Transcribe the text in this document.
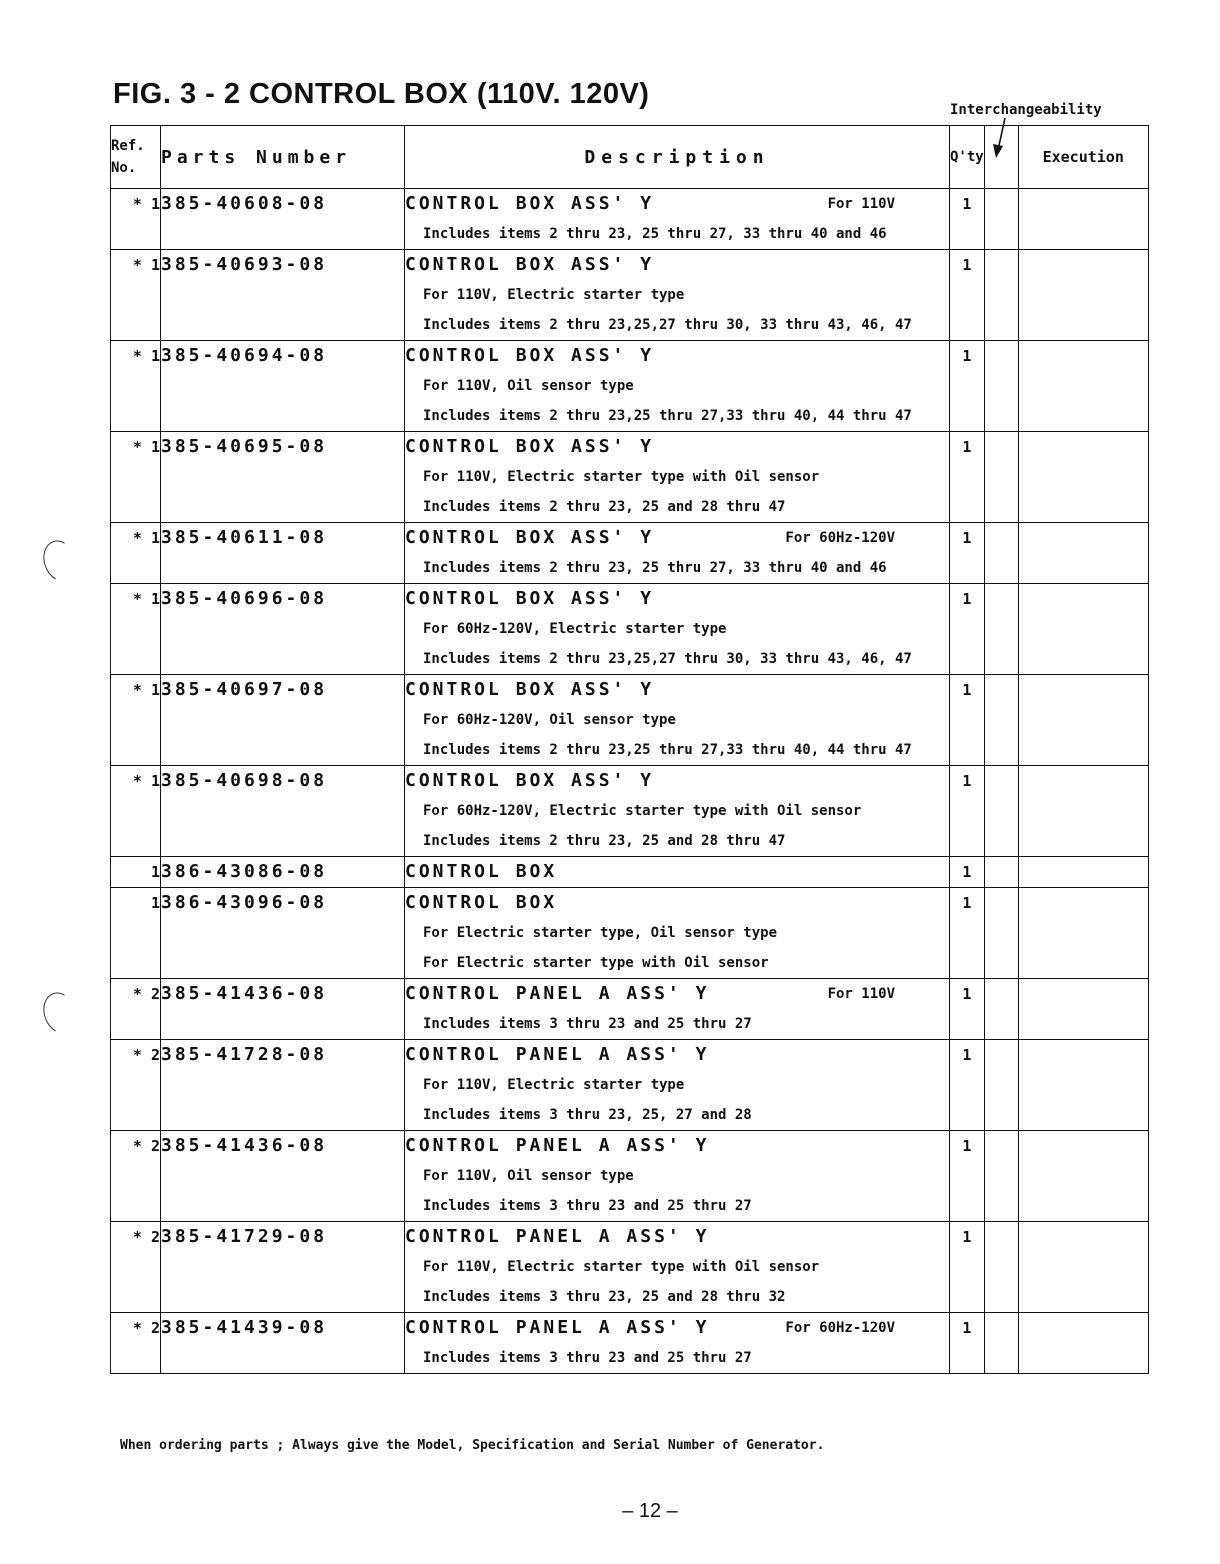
FIG. 3 - 2 CONTROL BOX (110V. 120V)	Interchangeability
Ref.
No.	Parts Number	Description	Q'ty		Execution
* 1	385-40608-08	For 110V
CONTROL BOX ASS' Y
Includes items 2 thru 23, 25 thru 27, 33 thru 40 and 46	1		
* 1	385-40693-08	CONTROL BOX ASS' Y
For 110V, Electric starter type
Includes items 2 thru 23,25,27 thru 30, 33 thru 43, 46, 47	1		
* 1	385-40694-08	CONTROL BOX ASS' Y
For 110V, Oil sensor type
Includes items 2 thru 23,25 thru 27,33 thru 40, 44 thru 47	1		
* 1	385-40695-08	CONTROL BOX ASS' Y
For 110V, Electric starter type with Oil sensor
Includes items 2 thru 23, 25 and 28 thru 47	1		
* 1	385-40611-08	For 60Hz-120V
CONTROL BOX ASS' Y
Includes items 2 thru 23, 25 thru 27, 33 thru 40 and 46	1		
* 1	385-40696-08	CONTROL BOX ASS' Y
For 60Hz-120V, Electric starter type
Includes items 2 thru 23,25,27 thru 30, 33 thru 43, 46, 47	1		
* 1	385-40697-08	CONTROL BOX ASS' Y
For 60Hz-120V, Oil sensor type
Includes items 2 thru 23,25 thru 27,33 thru 40, 44 thru 47	1		
* 1	385-40698-08	CONTROL BOX ASS' Y
For 60Hz-120V, Electric starter type with Oil sensor
Includes items 2 thru 23, 25 and 28 thru 47	1		
1	386-43086-08	CONTROL BOX	1		
1	386-43096-08	CONTROL BOX
For Electric starter type, Oil sensor type
For Electric starter type with Oil sensor	1		
* 2	385-41436-08	For 110V
CONTROL PANEL A ASS' Y
Includes items 3 thru 23 and 25 thru 27	1		
* 2	385-41728-08	CONTROL PANEL A ASS' Y
For 110V, Electric starter type
Includes items 3 thru 23, 25, 27 and 28	1		
* 2	385-41436-08	CONTROL PANEL A ASS' Y
For 110V, Oil sensor type
Includes items 3 thru 23 and 25 thru 27	1		
* 2	385-41729-08	CONTROL PANEL A ASS' Y
For 110V, Electric starter type with Oil sensor
Includes items 3 thru 23, 25 and 28 thru 32	1		
* 2	385-41439-08	For 60Hz-120V
CONTROL PANEL A ASS' Y
Includes items 3 thru 23 and 25 thru 27	1		
When ordering parts ; Always give the Model, Specification and Serial Number of Generator.
– 12 –
